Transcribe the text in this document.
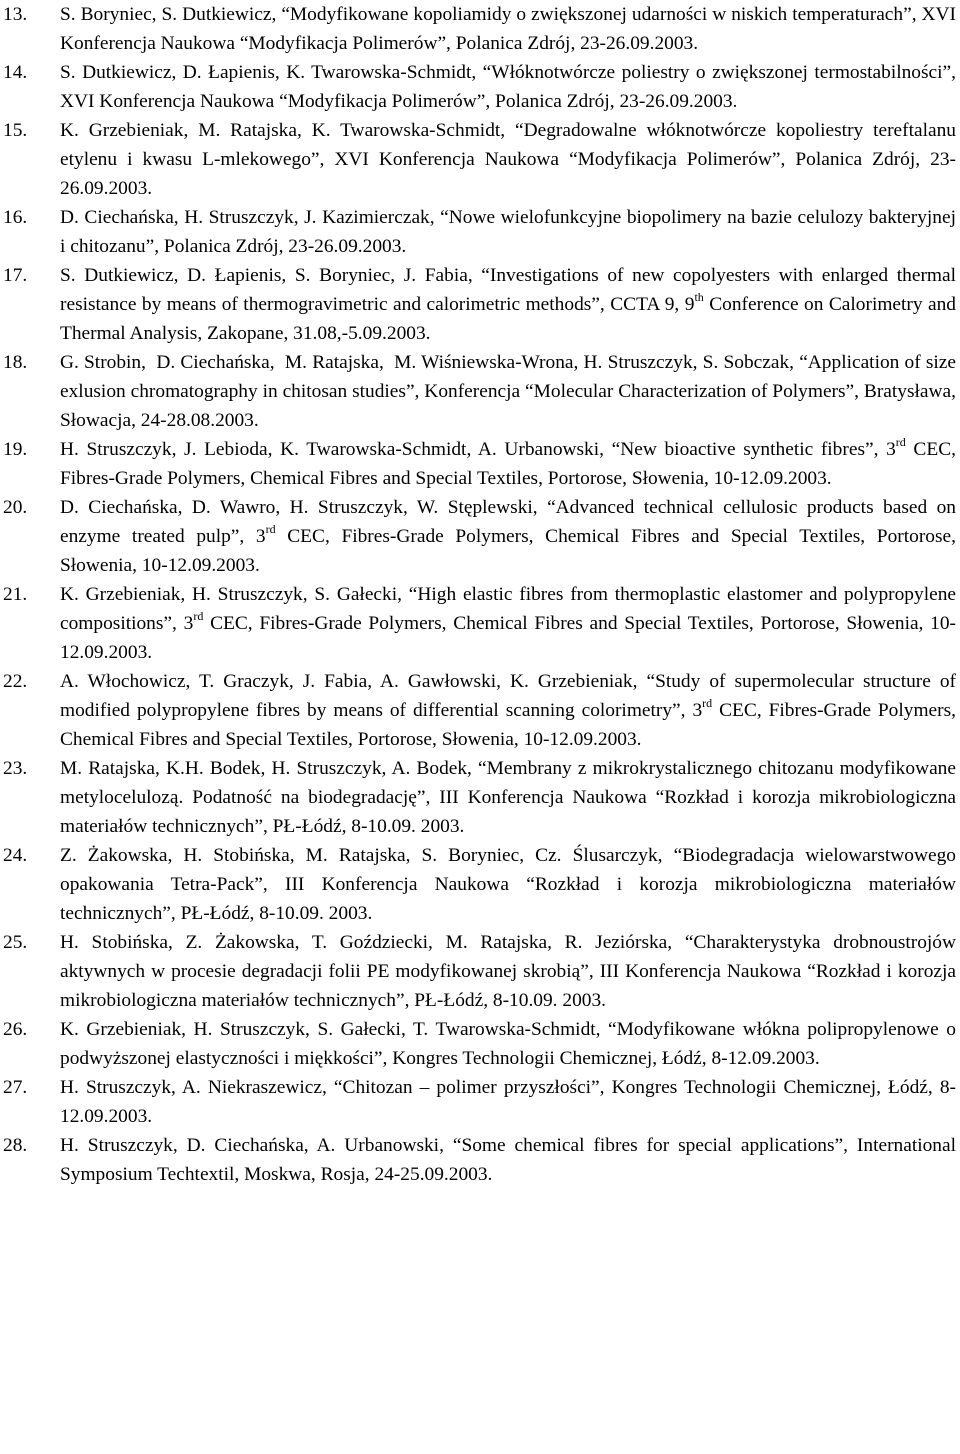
13.	S. Boryniec, S. Dutkiewicz, “Modyfikowane kopoliamidy o zwiększonej udarności w niskich temperaturach”, XVI Konferencja Naukowa “Modyfikacja Polimerów”, Polanica Zdrój, 23-26.09.2003.
14.	S. Dutkiewicz, D. Łapienis, K. Twarowska-Schmidt, “Włóknotwórcze poliestry o zwiększonej termostabilności”, XVI Konferencja Naukowa “Modyfikacja Polimerów”, Polanica Zdrój, 23-26.09.2003.
15.	K. Grzebieniak, M. Ratajska, K. Twarowska-Schmidt, “Degradowalne włóknotwórcze kopoliestry tereftalanu etylenu i kwasu L-mlekowego”, XVI Konferencja Naukowa “Modyfikacja Polimerów”, Polanica Zdrój, 23-26.09.2003.
16.	D. Ciechańska, H. Struszczyk, J. Kazimierczak, “Nowe wielofunkcyjne biopolimery na bazie celulozy bakteryjnej i chitozanu”, Polanica Zdrój, 23-26.09.2003.
17.	S. Dutkiewicz, D. Łapienis, S. Boryniec, J. Fabia, “Investigations of new copolyesters with enlarged thermal resistance by means of thermogravimetric and calorimetric methods”, CCTA 9, 9th Conference on Calorimetry and Thermal Analysis, Zakopane, 31.08,-5.09.2003.
18.	G. Strobin,  D. Ciechańska,  M. Ratajska,  M. Wiśniewska-Wrona, H. Struszczyk, S. Sobczak, “Application of size exlusion chromatography in chitosan studies”, Konferencja “Molecular Characterization of Polymers”, Bratysława, Słowacja, 24-28.08.2003.
19.	H. Struszczyk, J. Lebioda, K. Twarowska-Schmidt, A. Urbanowski, “New bioactive synthetic fibres”, 3rd CEC, Fibres-Grade Polymers, Chemical Fibres and Special Textiles, Portorose, Słowenia, 10-12.09.2003.
20.	D. Ciechańska, D. Wawro, H. Struszczyk, W. Stęplewski, “Advanced technical cellulosic products based on enzyme treated pulp”, 3rd CEC, Fibres-Grade Polymers, Chemical Fibres and Special Textiles, Portorose, Słowenia, 10-12.09.2003.
21.	K. Grzebieniak, H. Struszczyk, S. Gałecki, “High elastic fibres from thermoplastic elastomer and polypropylene compositions”, 3rd CEC, Fibres-Grade Polymers, Chemical Fibres and Special Textiles, Portorose, Słowenia, 10-12.09.2003.
22.	A. Włochowicz, T. Graczyk, J. Fabia, A. Gawłowski, K. Grzebieniak, “Study of supermolecular structure of modified polypropylene fibres by means of differential scanning colorimetry”, 3rd CEC, Fibres-Grade Polymers, Chemical Fibres and Special Textiles, Portorose, Słowenia, 10-12.09.2003.
23.	M. Ratajska, K.H. Bodek, H. Struszczyk, A. Bodek, “Membrany z mikrokrystalicznego chitozanu modyfikowane metylocelulozą. Podatność na biodegradację”, III Konferencja Naukowa “Rozkład i korozja mikrobiologiczna materiałów technicznych”, PŁ-Łódź, 8-10.09. 2003.
24.	Z. Żakowska, H. Stobińska, M. Ratajska, S. Boryniec, Cz. Ślusarczyk, “Biodegradacja wielowarstwowego opakowania Tetra-Pack”, III Konferencja Naukowa “Rozkład i korozja mikrobiologiczna materiałów technicznych”, PŁ-Łódź, 8-10.09. 2003.
25.	H. Stobińska, Z. Żakowska, T. Goździecki, M. Ratajska, R. Jeziórska, “Charakterystyka drobnoustrojów aktywnych w procesie degradacji folii PE modyfikowanej skrobią”, III Konferencja Naukowa “Rozkład i korozja mikrobiologiczna materiałów technicznych”, PŁ-Łódź, 8-10.09. 2003.
26.	K. Grzebieniak, H. Struszczyk, S. Gałecki, T. Twarowska-Schmidt, “Modyfikowane włókna polipropylenowe o podwyższonej elastyczności i miękkości”, Kongres Technologii Chemicznej, Łódź, 8-12.09.2003.
27.	H. Struszczyk, A. Niekraszewicz, “Chitozan – polimer przyszłości”, Kongres Technologii Chemicznej, Łódź, 8-12.09.2003.
28.	H. Struszczyk, D. Ciechańska, A. Urbanowski, “Some chemical fibres for special applications”, International Symposium Techtextil, Moskwa, Rosja, 24-25.09.2003.
